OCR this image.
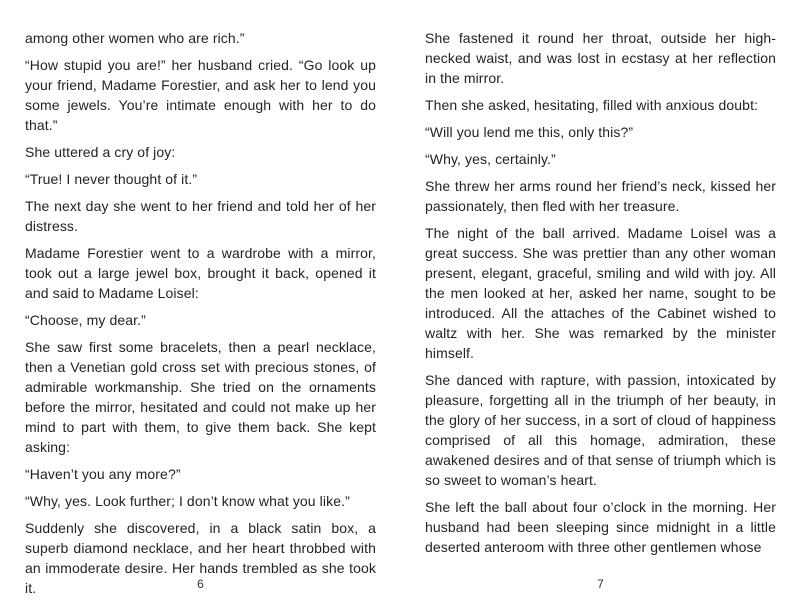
among other women who are rich.”

“How stupid you are!” her husband cried. “Go look up your friend, Madame Forestier, and ask her to lend you some jewels. You’re intimate enough with her to do that.”

She uttered a cry of joy:

“True! I never thought of it.”

The next day she went to her friend and told her of her distress.

Madame Forestier went to a wardrobe with a mirror, took out a large jewel box, brought it back, opened it and said to Madame Loisel:

“Choose, my dear.”

She saw first some bracelets, then a pearl necklace, then a Venetian gold cross set with precious stones, of admirable workmanship. She tried on the ornaments before the mirror, hesitated and could not make up her mind to part with them, to give them back. She kept asking:

“Haven’t you any more?”

“Why, yes. Look further; I don’t know what you like.”

Suddenly she discovered, in a black satin box, a superb diamond necklace, and her heart throbbed with an immoderate desire. Her hands trembled as she took it.

She fastened it round her throat, outside her high-necked waist, and was lost in ecstasy at her reflection in the mirror.

Then she asked, hesitating, filled with anxious doubt:

“Will you lend me this, only this?”

“Why, yes, certainly.”

She threw her arms round her friend’s neck, kissed her passionately, then fled with her treasure.

The night of the ball arrived. Madame Loisel was a great success. She was prettier than any other woman present, elegant, graceful, smiling and wild with joy. All the men looked at her, asked her name, sought to be introduced. All the attaches of the Cabinet wished to waltz with her. She was remarked by the minister himself.

She danced with rapture, with passion, intoxicated by pleasure, forgetting all in the triumph of her beauty, in the glory of her success, in a sort of cloud of happiness comprised of all this homage, admiration, these awakened desires and of that sense of triumph which is so sweet to woman’s heart.

She left the ball about four o’clock in the morning. Her husband had been sleeping since midnight in a little deserted anteroom with three other gentlemen whose

6	7
